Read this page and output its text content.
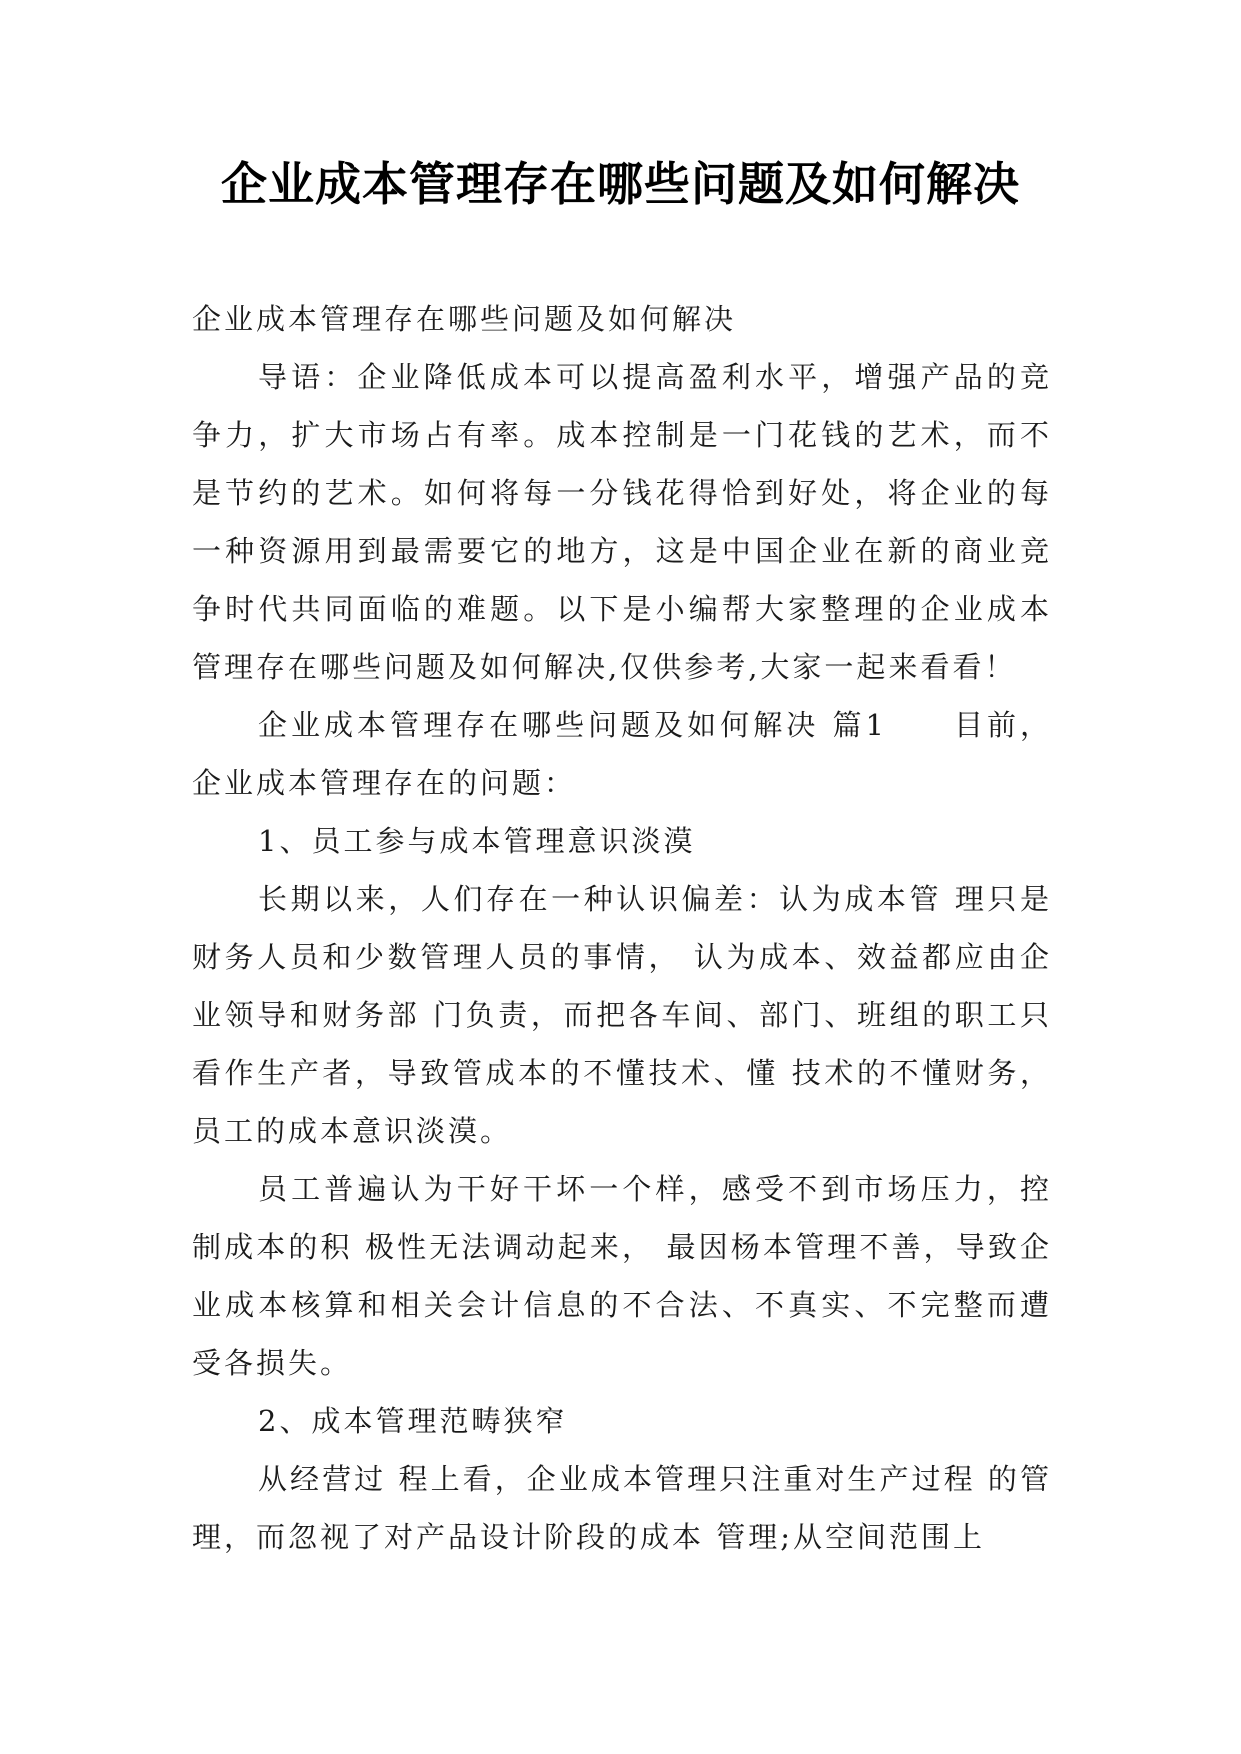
企业成本管理存在哪些问题及如何解决

企业成本管理存在哪些问题及如何解决

导语：企业降低成本可以提高盈利水平，增强产品的竞争力，扩大市场占有率。成本控制是一门花钱的艺术，而不是节约的艺术。如何将每一分钱花得恰到好处，将企业的每一种资源用到最需要它的地方，这是中国企业在新的商业竞争时代共同面临的难题。以下是小编帮大家整理的企业成本管理存在哪些问题及如何解决,仅供参考,大家一起来看看！

企业成本管理存在哪些问题及如何解决 篇1　　目前，企业成本管理存在的问题：

1、员工参与成本管理意识淡漠

长期以来，人们存在一种认识偏差：认为成本管 理只是财务人员和少数管理人员的事情， 认为成本、效益都应由企业领导和财务部 门负责，而把各车间、部门、班组的职工只看作生产者，导致管成本的不懂技术、懂 技术的不懂财务，员工的成本意识淡漠。

员工普遍认为干好干坏一个样，感受不到市场压力，控制成本的积 极性无法调动起来， 最因杨本管理不善，导致企业成本核算和相关会计信息的不合法、不真实、不完整而遭受各损失。

2、成本管理范畴狭窄

从经营过 程上看，企业成本管理只注重对生产过程 的管理，而忽视了对产品设计阶段的成本 管理;从空间范围上
